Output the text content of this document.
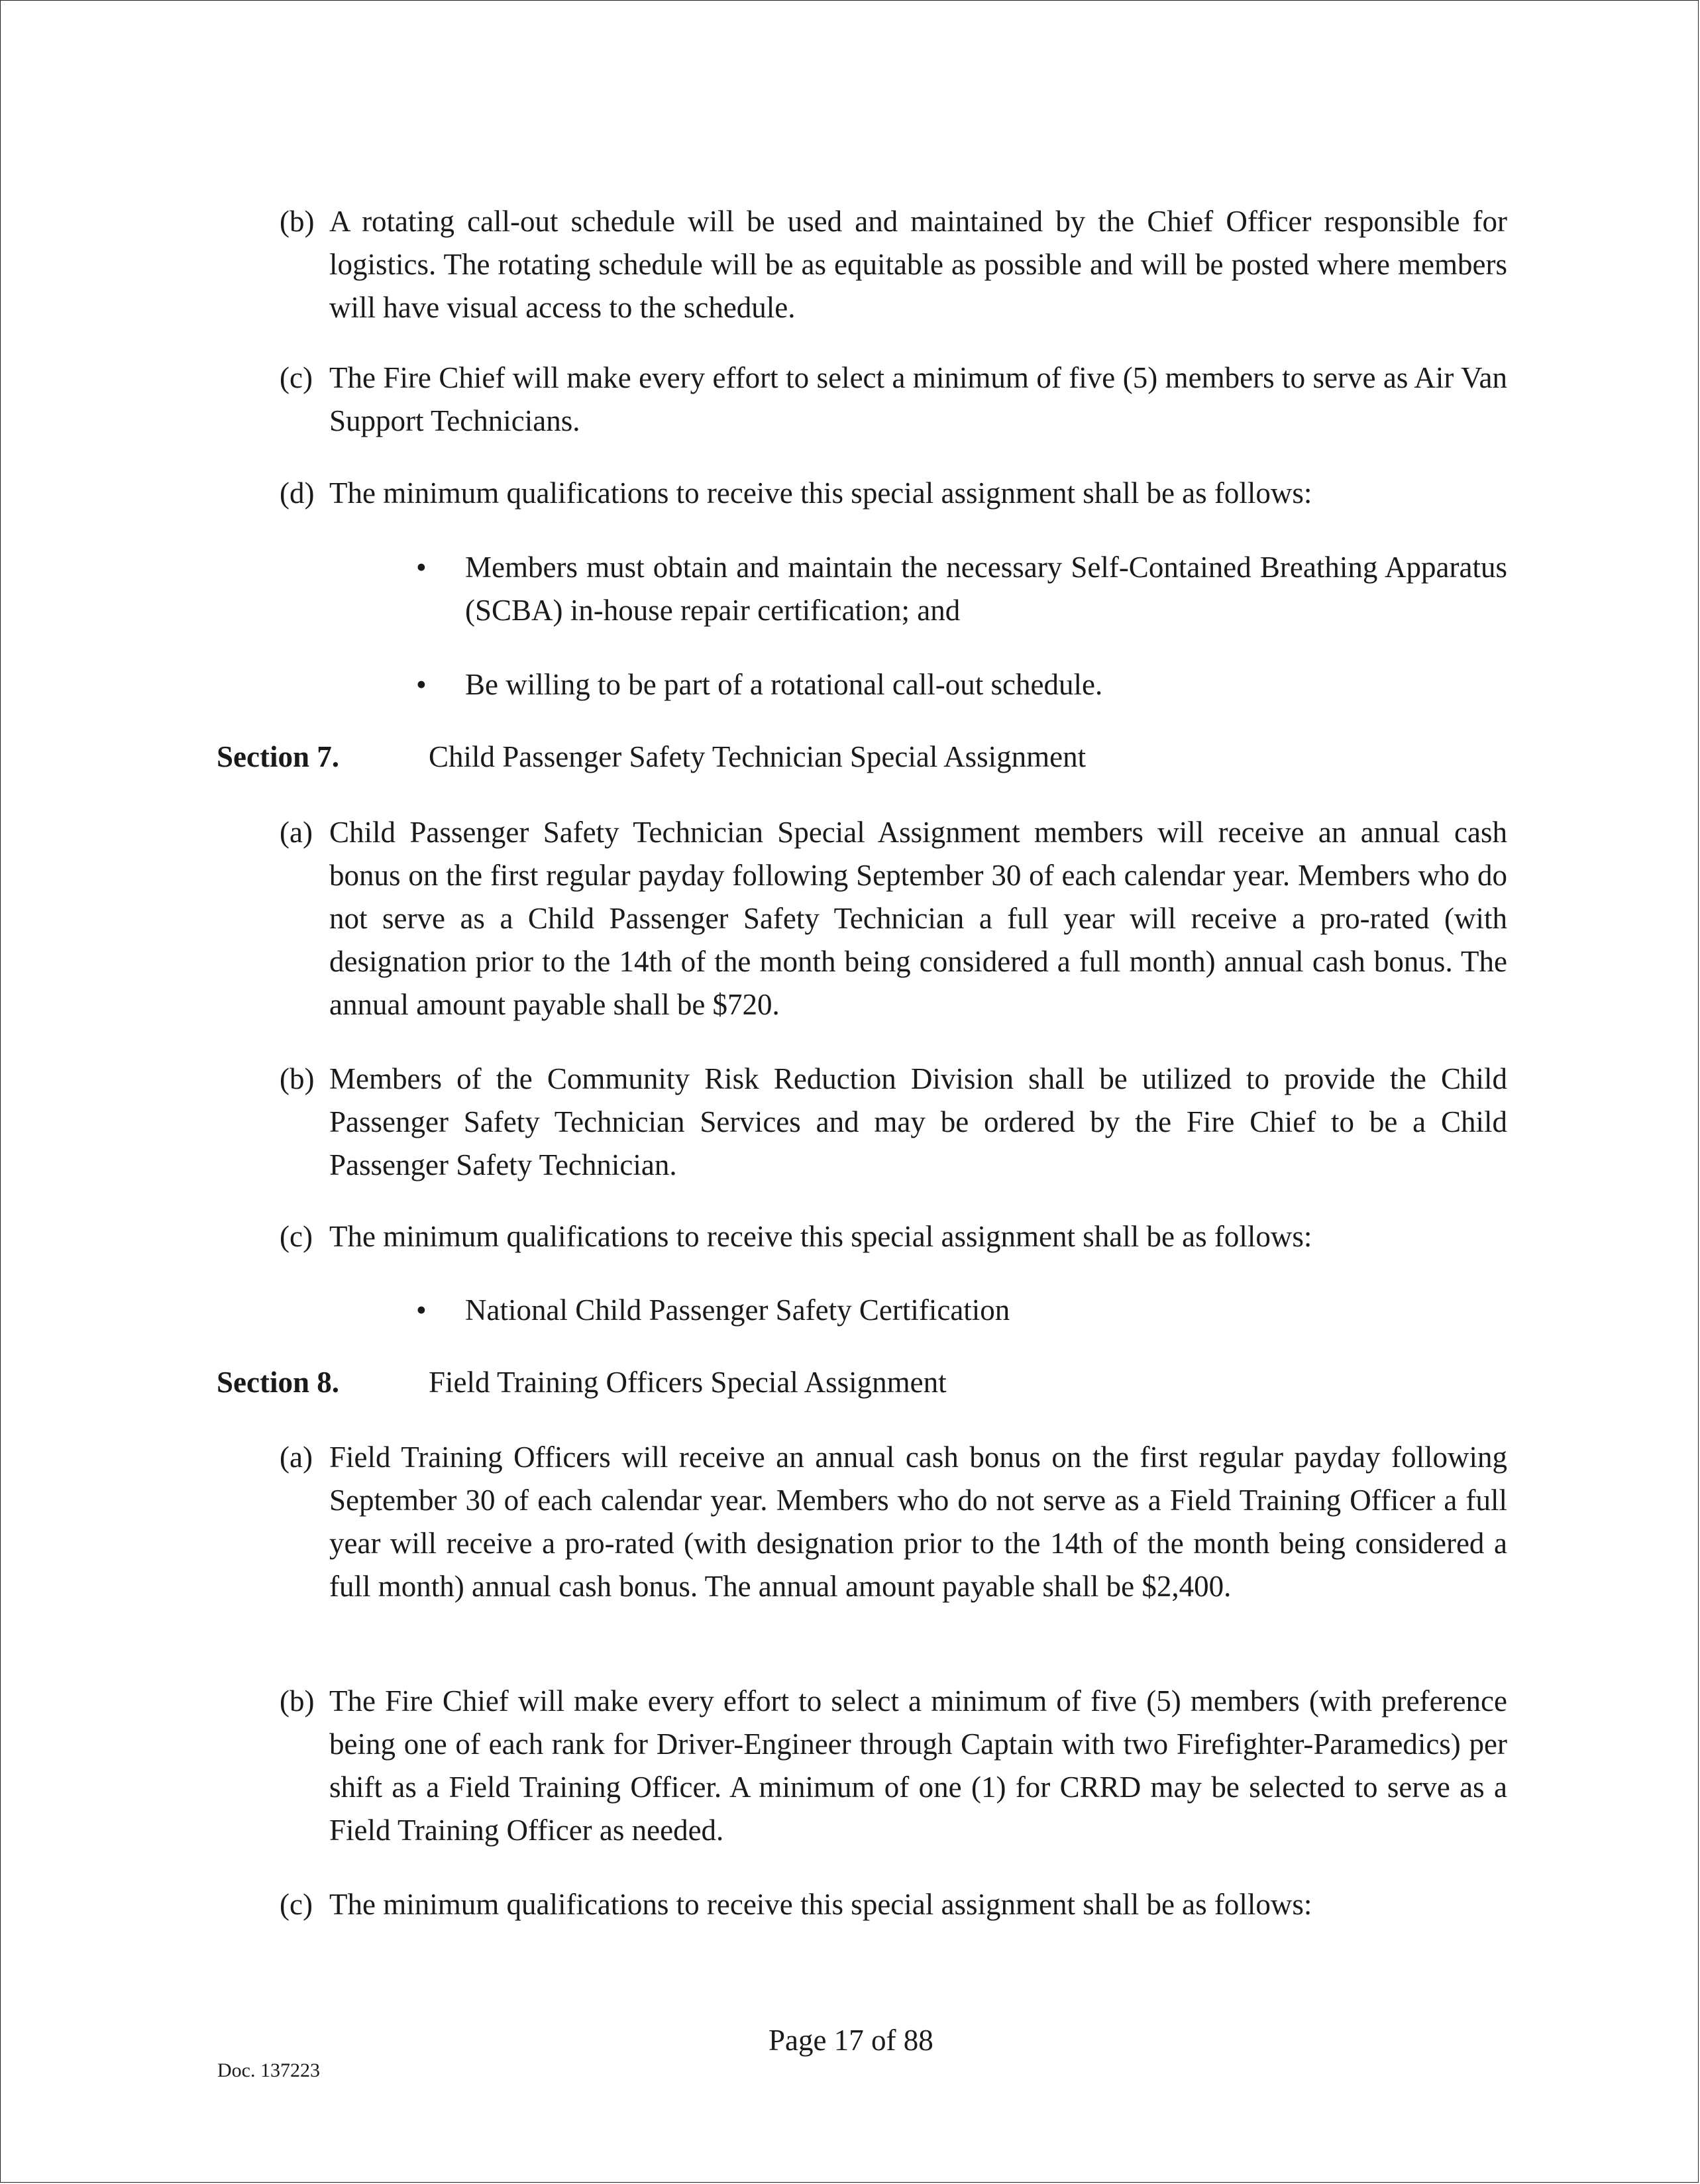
(b) A rotating call-out schedule will be used and maintained by the Chief Officer responsible for logistics. The rotating schedule will be as equitable as possible and will be posted where members will have visual access to the schedule.
(c) The Fire Chief will make every effort to select a minimum of five (5) members to serve as Air Van Support Technicians.
(d) The minimum qualifications to receive this special assignment shall be as follows:
• Members must obtain and maintain the necessary Self-Contained Breathing Apparatus (SCBA) in-house repair certification; and
• Be willing to be part of a rotational call-out schedule.
Section 7.	Child Passenger Safety Technician Special Assignment
(a) Child Passenger Safety Technician Special Assignment members will receive an annual cash bonus on the first regular payday following September 30 of each calendar year. Members who do not serve as a Child Passenger Safety Technician a full year will receive a pro-rated (with designation prior to the 14th of the month being considered a full month) annual cash bonus. The annual amount payable shall be $720.
(b) Members of the Community Risk Reduction Division shall be utilized to provide the Child Passenger Safety Technician Services and may be ordered by the Fire Chief to be a Child Passenger Safety Technician.
(c) The minimum qualifications to receive this special assignment shall be as follows:
• National Child Passenger Safety Certification
Section 8.	Field Training Officers Special Assignment
(a) Field Training Officers will receive an annual cash bonus on the first regular payday following September 30 of each calendar year. Members who do not serve as a Field Training Officer a full year will receive a pro-rated (with designation prior to the 14th of the month being considered a full month) annual cash bonus. The annual amount payable shall be $2,400.
(b) The Fire Chief will make every effort to select a minimum of five (5) members (with preference being one of each rank for Driver-Engineer through Captain with two Firefighter-Paramedics) per shift as a Field Training Officer. A minimum of one (1) for CRRD may be selected to serve as a Field Training Officer as needed.
(c) The minimum qualifications to receive this special assignment shall be as follows:
Page 17 of 88
Doc. 137223
